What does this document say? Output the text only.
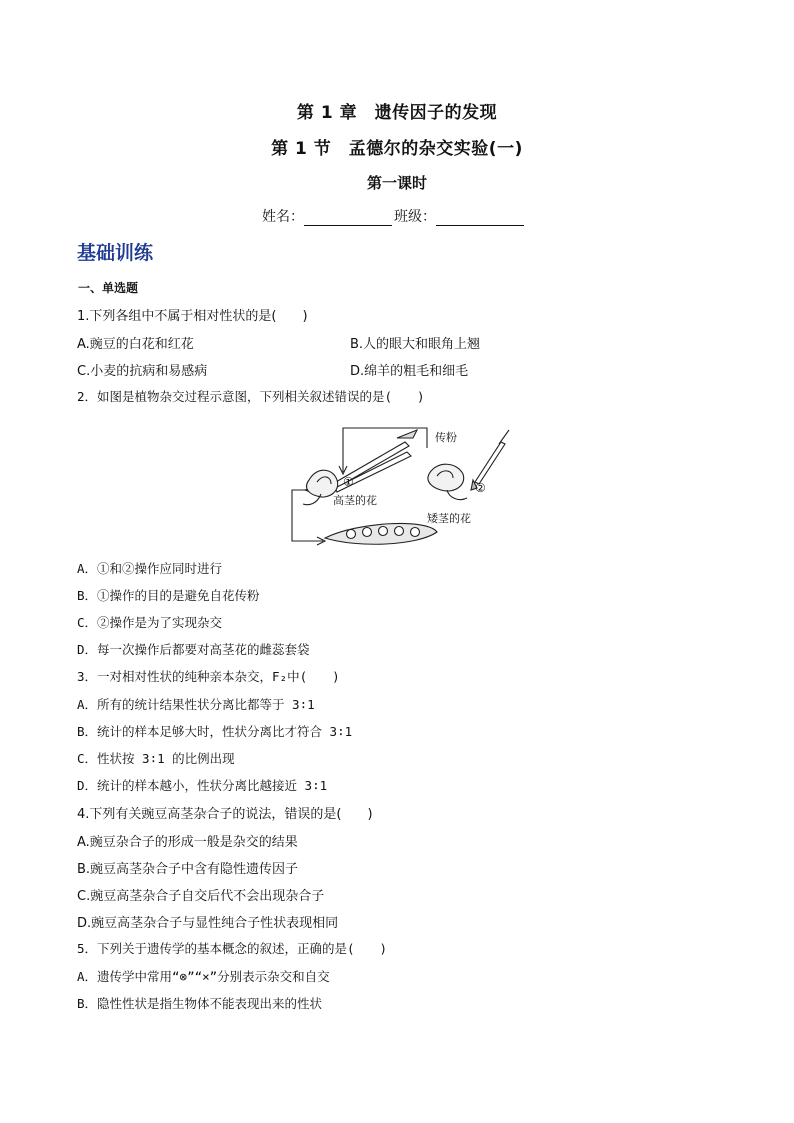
第 1 章　遗传因子的发现
第 1 节　孟德尔的杂交实验(一)
第一课时
姓名：	班级：
基础训练
一、单选题
1.下列各组中不属于相对性状的是(　　)
A.豌豆的白花和红花	B.人的眼大和眼角上翘
C.小麦的抗病和易感病	D.绵羊的粗毛和细毛
2．如图是植物杂交过程示意图，下列相关叙述错误的是(　　)
传粉
①	②
高茎的花
矮茎的花
A．①和②操作应同时进行
B．①操作的目的是避免自花传粉
C．②操作是为了实现杂交
D．每一次操作后都要对高茎花的雌蕊套袋
3．一对相对性状的纯种亲本杂交，F₂中(　　)
A．所有的统计结果性状分离比都等于 3∶1
B．统计的样本足够大时，性状分离比才符合 3∶1
C．性状按 3∶1 的比例出现
D．统计的样本越小，性状分离比越接近 3∶1
4.下列有关豌豆高茎杂合子的说法，错误的是(　　)
A.豌豆杂合子的形成一般是杂交的结果
B.豌豆高茎杂合子中含有隐性遗传因子
C.豌豆高茎杂合子自交后代不会出现杂合子
D.豌豆高茎杂合子与显性纯合子性状表现相同
5．下列关于遗传学的基本概念的叙述，正确的是(　　)
A．遗传学中常用“⊗”“×”分别表示杂交和自交
B．隐性性状是指生物体不能表现出来的性状
